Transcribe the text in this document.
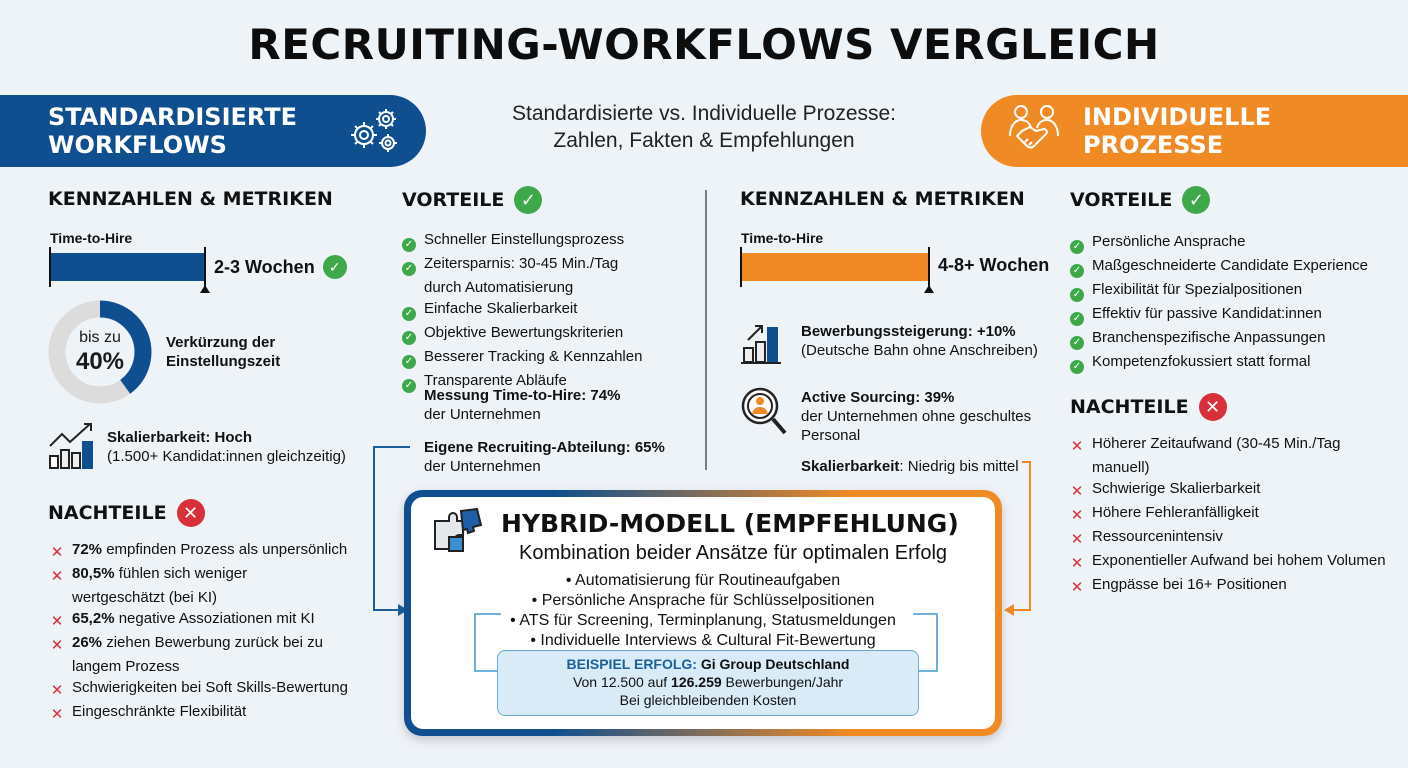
RECRUITING-WORKFLOWS VERGLEICH
STANDARDISIERTE
WORKFLOWS
Standardisierte vs. Individuelle Prozesse:
Zahlen, Fakten & Empfehlungen
INDIVIDUELLE
PROZESSE
KENNZAHLEN & METRIKEN
Time-to-Hire
2-3 Wochen	✓
bis zu
40%
Verkürzung der
Einstellungszeit
Skalierbarkeit: Hoch
(1.500+ Kandidat:innen gleichzeitig)
NACHTEILE ✕
✕ 72% empfinden Prozess als unpersönlich
✕ 80,5% fühlen sich weniger
wertgeschätzt (bei KI)
✕ 65,2% negative Assoziationen mit KI
✕ 26% ziehen Bewerbung zurück bei zu
langem Prozess
✕ Schwierigkeiten bei Soft Skills-Bewertung
✕ Eingeschränkte Flexibilität
VORTEILE ✓
✓ Schneller Einstellungsprozess
✓ Zeitersparnis: 30-45 Min./Tag
durch Automatisierung
✓ Einfache Skalierbarkeit
✓ Objektive Bewertungskriterien
✓ Besserer Tracking & Kennzahlen
✓ Transparente Abläufe
Messung Time-to-Hire: 74%
der Unternehmen
Eigene Recruiting-Abteilung: 65%
der Unternehmen
KENNZAHLEN & METRIKEN
Time-to-Hire
4-8+ Wochen
Bewerbungssteigerung: +10%
(Deutsche Bahn ohne Anschreiben)
Active Sourcing: 39%
der Unternehmen ohne geschultes
Personal
Skalierbarkeit: Niedrig bis mittel
VORTEILE ✓
✓ Persönliche Ansprache
✓ Maßgeschneiderte Candidate Experience
✓ Flexibilität für Spezialpositionen
✓ Effektiv für passive Kandidat:innen
✓ Branchenspezifische Anpassungen
✓ Kompetenzfokussiert statt formal
NACHTEILE ✕
✕ Höherer Zeitaufwand (30-45 Min./Tag
manuell)
✕ Schwierige Skalierbarkeit
✕ Höhere Fehleranfälligkeit
✕ Ressourcenintensiv
✕ Exponentieller Aufwand bei hohem Volumen
✕ Engpässe bei 16+ Positionen
HYBRID-MODELL (EMPFEHLUNG)
Kombination beider Ansätze für optimalen Erfolg
• Automatisierung für Routineaufgaben
• Persönliche Ansprache für Schlüsselpositionen
• ATS für Screening, Terminplanung, Statusmeldungen
• Individuelle Interviews & Cultural Fit-Bewertung
BEISPIEL ERFOLG: Gi Group Deutschland
Von 12.500 auf 126.259 Bewerbungen/Jahr
Bei gleichbleibenden Kosten
